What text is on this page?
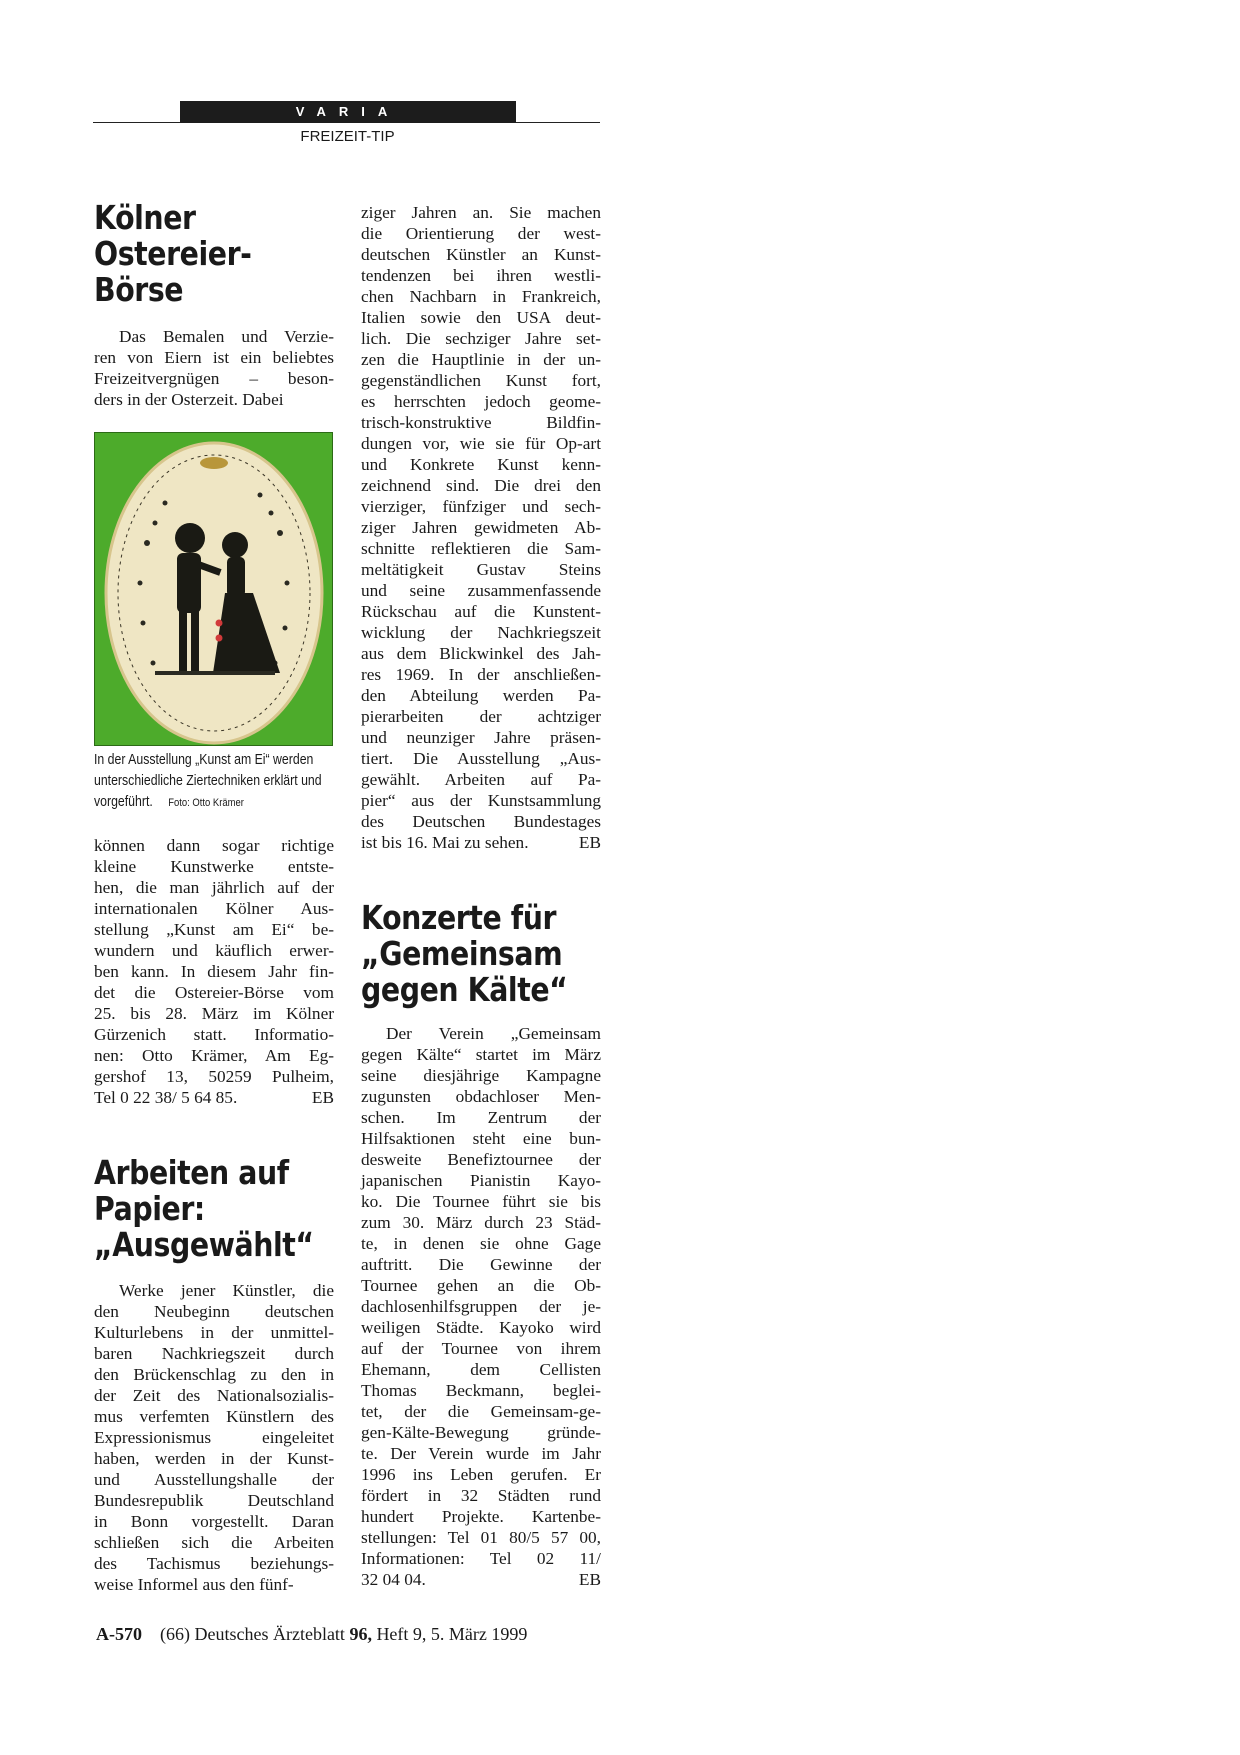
VARIA
FREIZEIT-TIP
Kölner
Ostereier-
Börse

Das Bemalen und Verzie-
ren von Eiern ist ein beliebtes
Freizeitvergnügen – beson-
ders in der Osterzeit. Dabei

In der Ausstellung „Kunst am Ei“ werden unterschiedliche Ziertechniken erklärt und vorgeführt. Foto: Otto Krämer

können dann sogar richtige
kleine Kunstwerke entste-
hen, die man jährlich auf der
internationalen Kölner Aus-
stellung „Kunst am Ei“ be-
wundern und käuflich erwer-
ben kann. In diesem Jahr fin-
det die Ostereier-Börse vom
25. bis 28. März im Kölner
Gürzenich statt. Informatio-
nen: Otto Krämer, Am Eg-
gershof 13, 50259 Pulheim,
Tel 0 22 38/ 5 64 85.	EB

Arbeiten auf
Papier:
„Ausgewählt“

Werke jener Künstler, die
den Neubeginn deutschen
Kulturlebens in der unmittel-
baren Nachkriegszeit durch
den Brückenschlag zu den in
der Zeit des Nationalsozialis-
mus verfemten Künstlern des
Expressionismus eingeleitet
haben, werden in der Kunst-
und Ausstellungshalle der
Bundesrepublik Deutschland
in Bonn vorgestellt. Daran
schließen sich die Arbeiten
des Tachismus beziehungs-
weise Informel aus den fünf-

ziger Jahren an. Sie machen
die Orientierung der west-
deutschen Künstler an Kunst-
tendenzen bei ihren westli-
chen Nachbarn in Frankreich,
Italien sowie den USA deut-
lich. Die sechziger Jahre set-
zen die Hauptlinie in der un-
gegenständlichen Kunst fort,
es herrschten jedoch geome-
trisch-konstruktive Bildfin-
dungen vor, wie sie für Op-art
und Konkrete Kunst kenn-
zeichnend sind. Die drei den
vierziger, fünfziger und sech-
ziger Jahren gewidmeten Ab-
schnitte reflektieren die Sam-
meltätigkeit Gustav Steins
und seine zusammenfassende
Rückschau auf die Kunstent-
wicklung der Nachkriegszeit
aus dem Blickwinkel des Jah-
res 1969. In der anschließen-
den Abteilung werden Pa-
pierarbeiten der achtziger
und neunziger Jahre präsen-
tiert. Die Ausstellung „Aus-
gewählt. Arbeiten auf Pa-
pier“ aus der Kunstsammlung
des Deutschen Bundestages
ist bis 16. Mai zu sehen.	EB

Konzerte für
„Gemeinsam
gegen Kälte“

Der Verein „Gemeinsam
gegen Kälte“ startet im März
seine diesjährige Kampagne
zugunsten obdachloser Men-
schen. Im Zentrum der
Hilfsaktionen steht eine bun-
desweite Benefiztournee der
japanischen Pianistin Kayo-
ko. Die Tournee führt sie bis
zum 30. März durch 23 Städ-
te, in denen sie ohne Gage
auftritt. Die Gewinne der
Tournee gehen an die Ob-
dachlosenhilfsgruppen der je-
weiligen Städte. Kayoko wird
auf der Tournee von ihrem
Ehemann, dem Cellisten
Thomas Beckmann, beglei-
tet, der die Gemeinsam-ge-
gen-Kälte-Bewegung gründe-
te. Der Verein wurde im Jahr
1996 ins Leben gerufen. Er
fördert in 32 Städten rund
hundert Projekte. Kartenbe-
stellungen: Tel 01 80/5 57 00,
Informationen: Tel 02 11/
32 04 04.	EB

A-570 (66) Deutsches Ärzteblatt 96, Heft 9, 5. März 1999
